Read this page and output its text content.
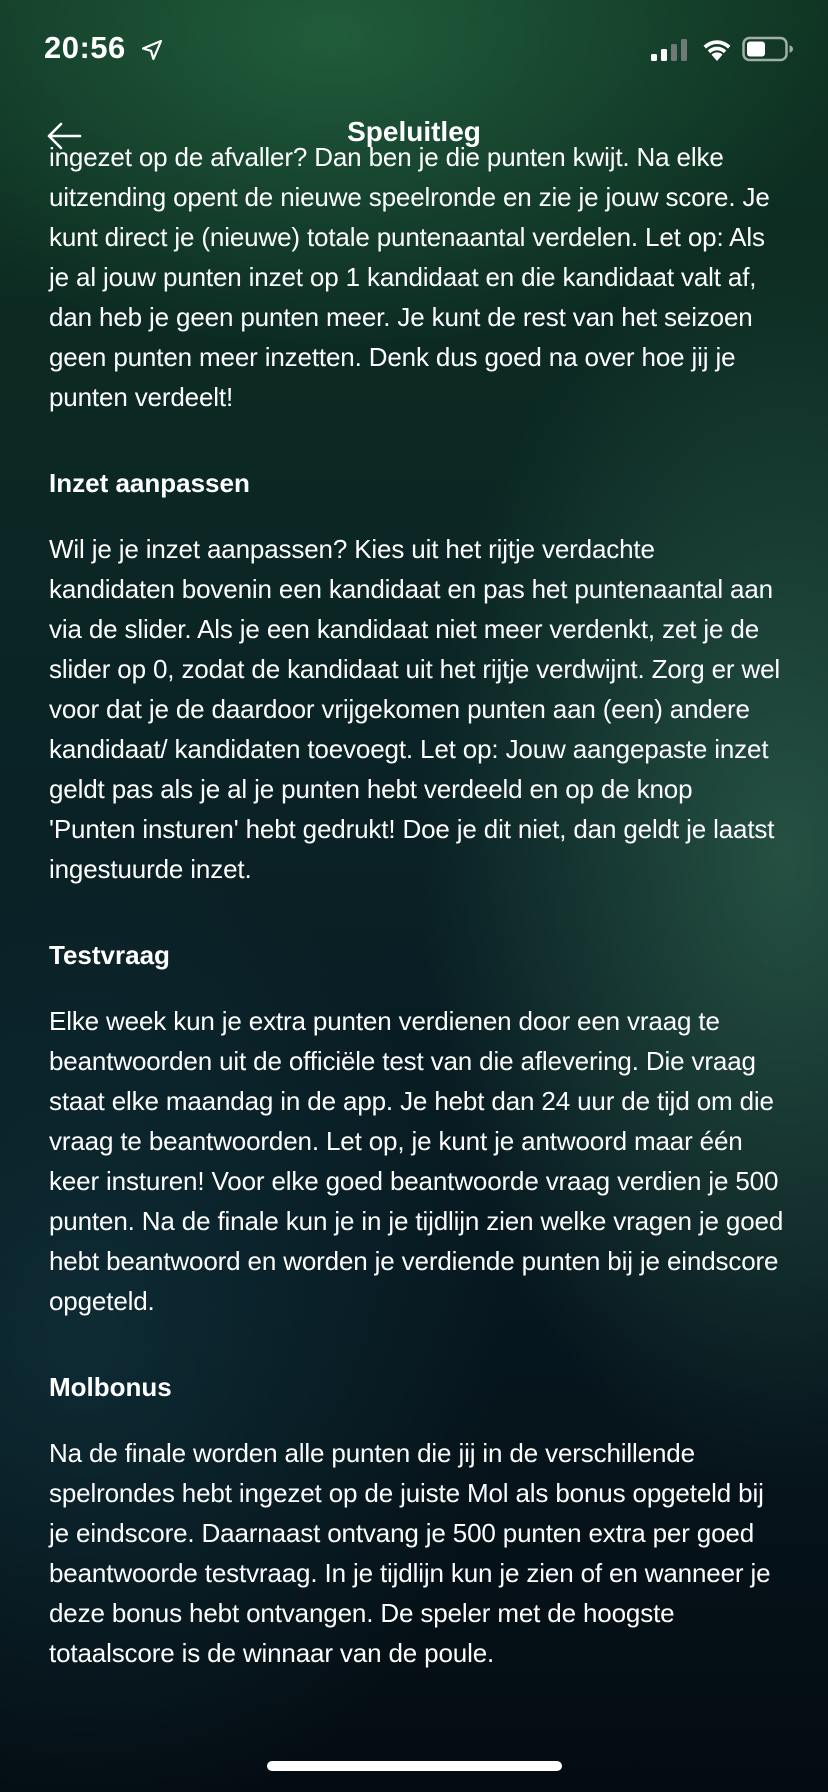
20:56
Speluitleg

ingezet op de afvaller? Dan ben je die punten kwijt. Na elke uitzending opent de nieuwe speelronde en zie je jouw score. Je kunt direct je (nieuwe) totale puntenaantal verdelen. Let op: Als je al jouw punten inzet op 1 kandidaat en die kandidaat valt af, dan heb je geen punten meer. Je kunt de rest van het seizoen geen punten meer inzetten. Denk dus goed na over hoe jij je punten verdeelt!

Inzet aanpassen

Wil je je inzet aanpassen? Kies uit het rijtje verdachte kandidaten bovenin een kandidaat en pas het puntenaantal aan via de slider. Als je een kandidaat niet meer verdenkt, zet je de slider op 0, zodat de kandidaat uit het rijtje verdwijnt. Zorg er wel voor dat je de daardoor vrijgekomen punten aan (een) andere kandidaat/ kandidaten toevoegt. Let op: Jouw aangepaste inzet geldt pas als je al je punten hebt verdeeld en op de knop 'Punten insturen' hebt gedrukt! Doe je dit niet, dan geldt je laatst ingestuurde inzet.

Testvraag

Elke week kun je extra punten verdienen door een vraag te beantwoorden uit de officiële test van die aflevering. Die vraag staat elke maandag in de app. Je hebt dan 24 uur de tijd om die vraag te beantwoorden. Let op, je kunt je antwoord maar één keer insturen! Voor elke goed beantwoorde vraag verdien je 500 punten. Na de finale kun je in je tijdlijn zien welke vragen je goed hebt beantwoord en worden je verdiende punten bij je eindscore opgeteld.

Molbonus

Na de finale worden alle punten die jij in de verschillende spelrondes hebt ingezet op de juiste Mol als bonus opgeteld bij je eindscore. Daarnaast ontvang je 500 punten extra per goed beantwoorde testvraag. In je tijdlijn kun je zien of en wanneer je deze bonus hebt ontvangen. De speler met de hoogste totaalscore is de winnaar van de poule.
